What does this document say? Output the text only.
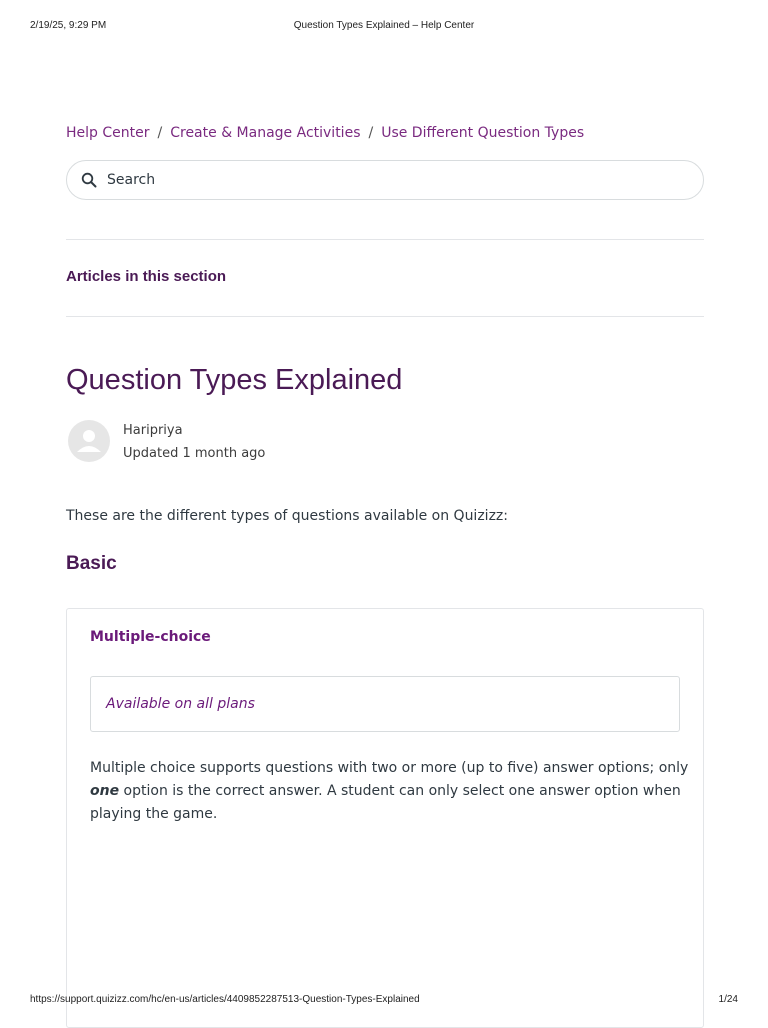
2/19/25, 9:29 PM	Question Types Explained – Help Center
Help Center / Create & Manage Activities / Use Different Question Types
Search
Articles in this section
Question Types Explained
Haripriya
Updated 1 month ago
These are the different types of questions available on Quizizz:
Basic
Multiple-choice
Available on all plans
Multiple choice supports questions with two or more (up to five) answer options; only one option is the correct answer. A student can only select one answer option when playing the game.
https://support.quizizz.com/hc/en-us/articles/4409852287513-Question-Types-Explained	1/24
